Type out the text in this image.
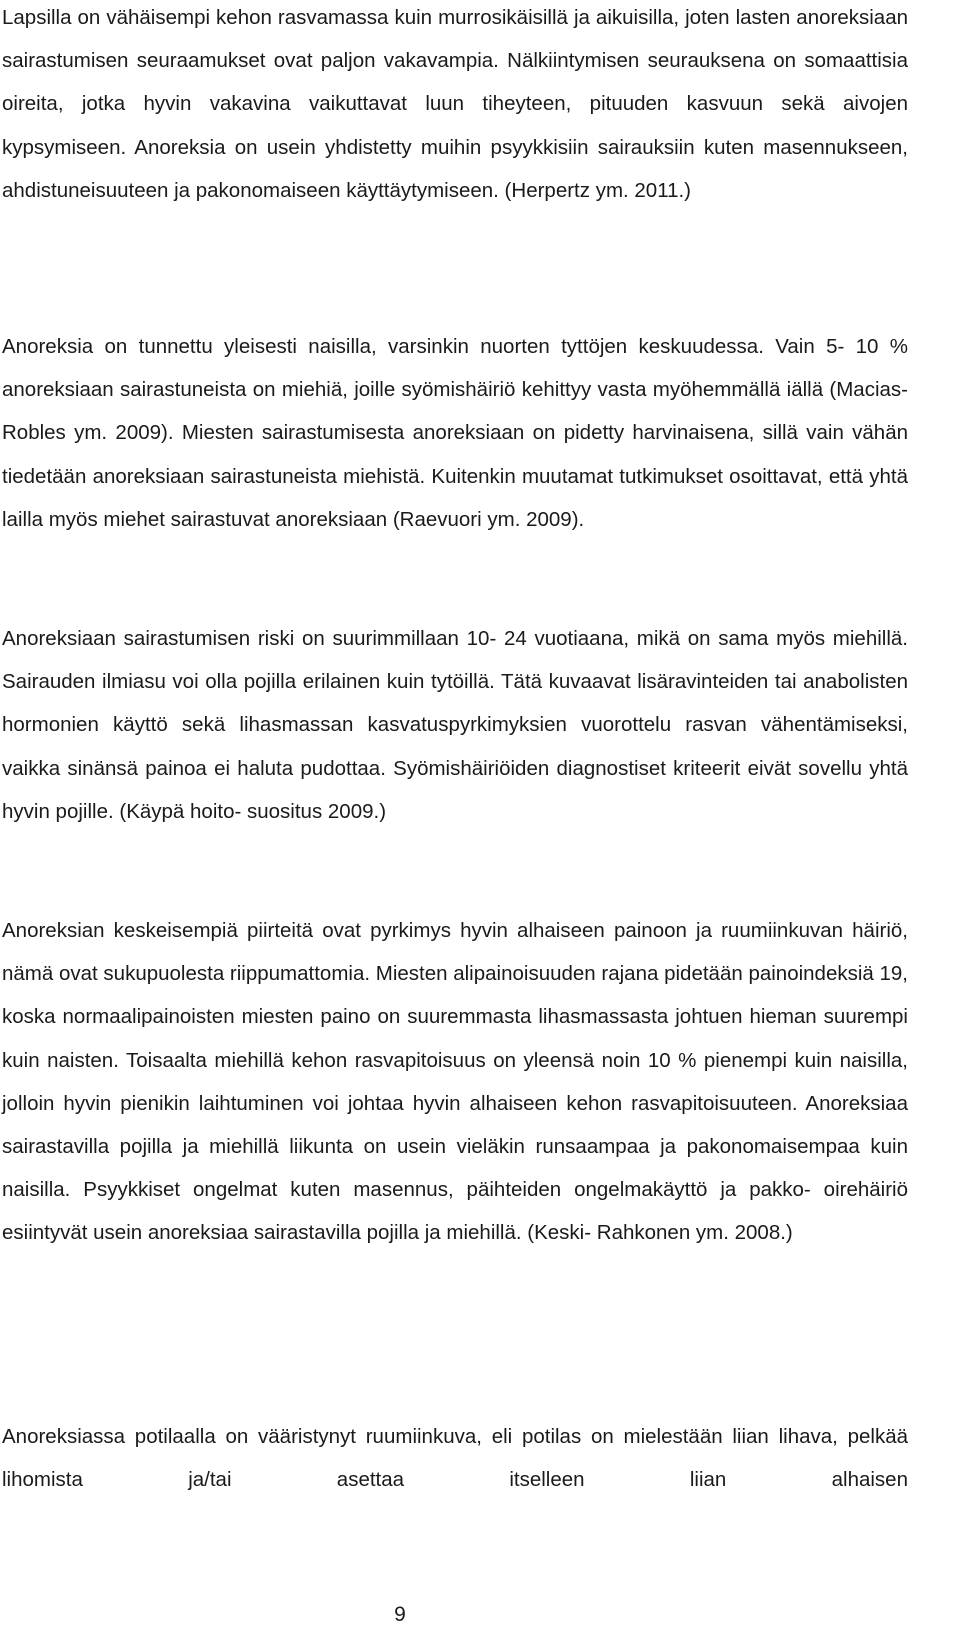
Lapsilla on vähäisempi kehon rasvamassa kuin murrosikäisillä ja aikuisilla, joten lasten anoreksiaan sairastumisen seuraamukset ovat paljon vakavampia. Nälkiintymisen seurauksena on somaattisia oireita, jotka hyvin vakavina vaikuttavat luun tiheyteen, pituuden kasvuun sekä aivojen kypsymiseen. Anoreksia on usein yhdistetty muihin psyykkisiin sairauksiin kuten masennukseen, ahdistuneisuuteen ja pakonomaiseen käyttäytymiseen. (Herpertz ym. 2011.)

Anoreksia on tunnettu yleisesti naisilla, varsinkin nuorten tyttöjen keskuudessa. Vain 5- 10 % anoreksiaan sairastuneista on miehiä, joille syömishäiriö kehittyy vasta myöhemmällä iällä (Macias- Robles ym. 2009). Miesten sairastumisesta anoreksiaan on pidetty harvinaisena, sillä vain vähän tiedetään anoreksiaan sairastuneista miehistä. Kuitenkin muutamat tutkimukset osoittavat, että yhtä lailla myös miehet sairastuvat anoreksiaan (Raevuori ym. 2009).

Anoreksiaan sairastumisen riski on suurimmillaan 10- 24 vuotiaana, mikä on sama myös miehillä. Sairauden ilmiasu voi olla pojilla erilainen kuin tytöillä. Tätä kuvaavat lisäravinteiden tai anabolisten hormonien käyttö sekä lihasmassan kasvatuspyrkimyksien vuorottelu rasvan vähentämiseksi, vaikka sinänsä painoa ei haluta pudottaa. Syömishäiriöiden diagnostiset kriteerit eivät sovellu yhtä hyvin pojille. (Käypä hoito- suositus 2009.)

Anoreksian keskeisempiä piirteitä ovat pyrkimys hyvin alhaiseen painoon ja ruumiinkuvan häiriö, nämä ovat sukupuolesta riippumattomia. Miesten alipainoisuuden rajana pidetään painoindeksiä 19, koska normaalipainoisten miesten paino on suuremmasta lihasmassasta johtuen hieman suurempi kuin naisten. Toisaalta miehillä kehon rasvapitoisuus on yleensä noin 10 % pienempi kuin naisilla, jolloin hyvin pienikin laihtuminen voi johtaa hyvin alhaiseen kehon rasvapitoisuuteen. Anoreksiaa sairastavilla pojilla ja miehillä liikunta on usein vieläkin runsaampaa ja pakonomaisempaa kuin naisilla. Psyykkiset ongelmat kuten masennus, päihteiden ongelmakäyttö ja pakko- oirehäiriö esiintyvät usein anoreksiaa sairastavilla pojilla ja miehillä. (Keski- Rahkonen ym. 2008.)

Anoreksiassa potilaalla on vääristynyt ruumiinkuva, eli potilas on mielestään liian lihava, pelkää lihomista ja/tai asettaa itselleen liian alhaisen

9
